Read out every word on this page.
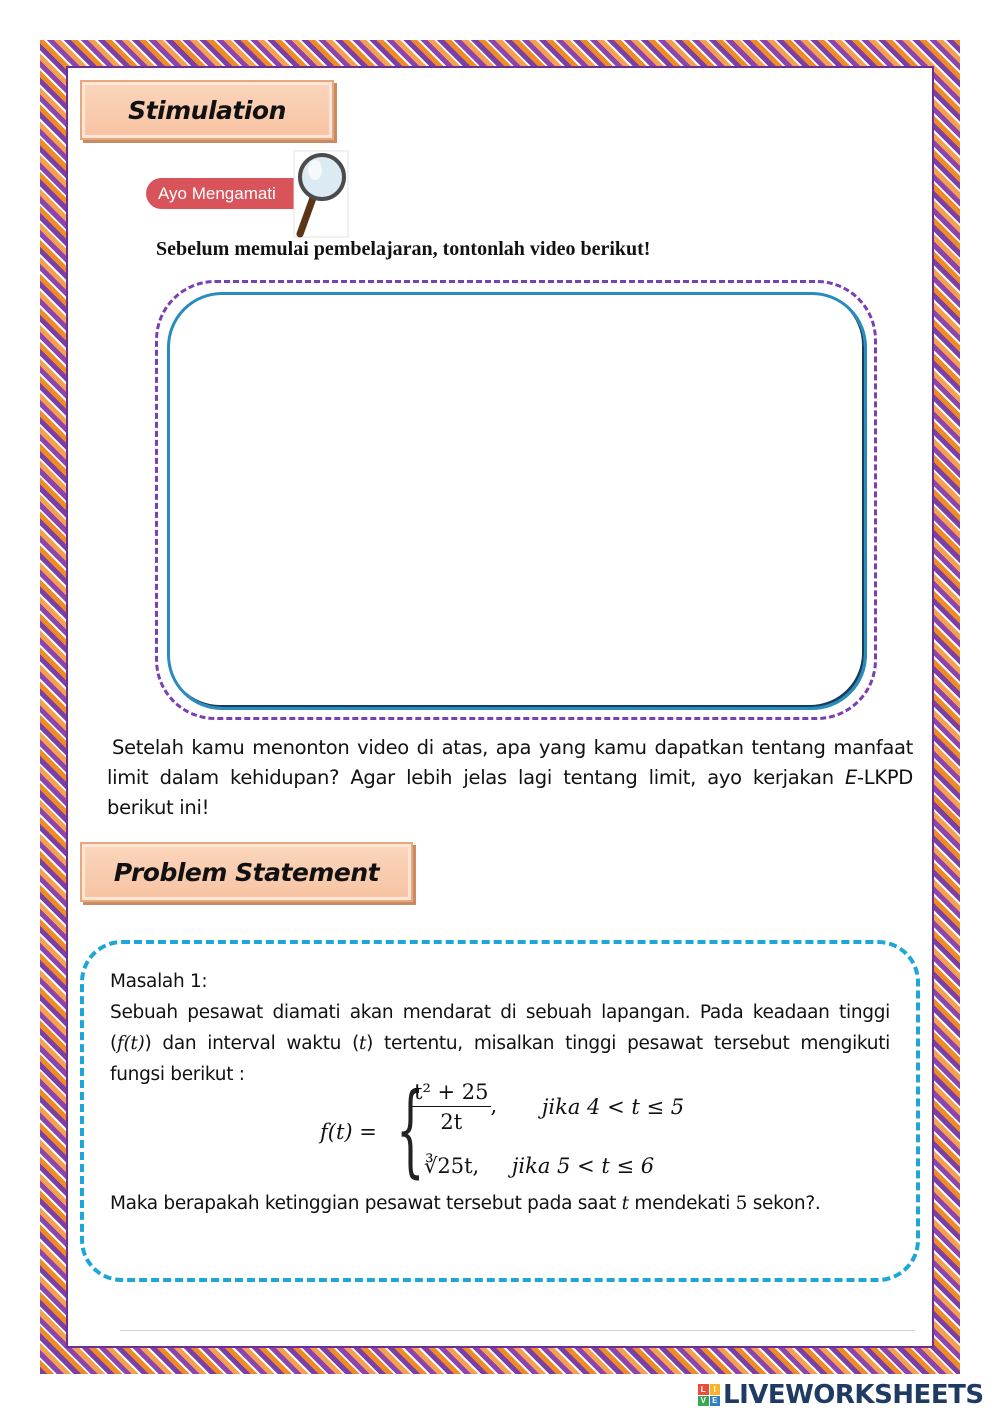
Stimulation
Ayo Mengamati
Sebelum memulai pembelajaran, tontonlah video berikut!
Setelah kamu menonton video di atas, apa yang kamu dapatkan tentang manfaat limit dalam kehidupan? Agar lebih jelas lagi tentang limit, ayo kerjakan E-LKPD berikut ini!
Problem Statement
Masalah 1:
Sebuah pesawat diamati akan mendarat di sebuah lapangan. Pada keadaan tinggi (f(t)) dan interval waktu (t) tertentu, misalkan tinggi pesawat tersebut mengikuti fungsi berikut :
f(t) = {
$\frac{\text{t² + 25}}{2t}$ , jika 4 < t ≤ 5
∛25t, jika 5 < t ≤ 6
Maka berapakah ketinggian pesawat tersebut pada saat t mendekati 5 sekon?.
L I
V E LIVEWORKSHEETS
